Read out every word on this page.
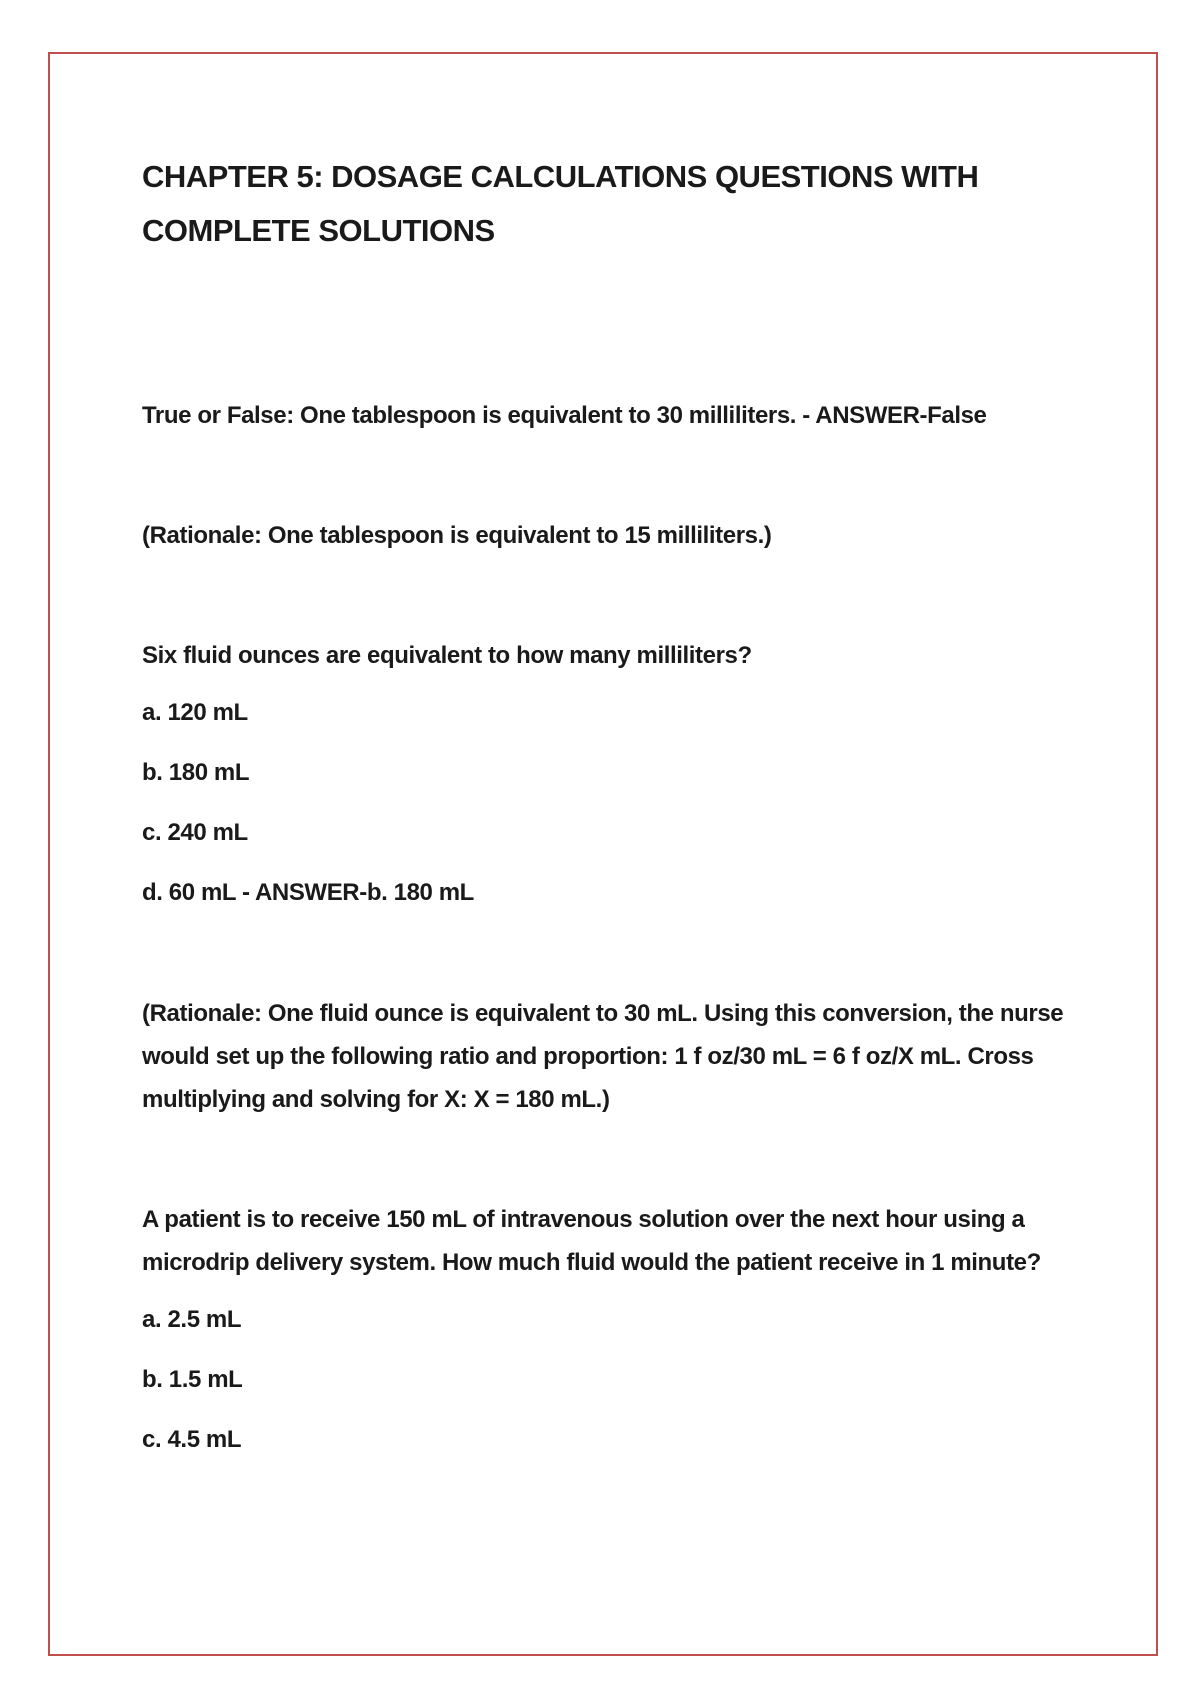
CHAPTER 5: DOSAGE CALCULATIONS QUESTIONS WITH COMPLETE SOLUTIONS

True or False: One tablespoon is equivalent to 30 milliliters. - ANSWER-False

(Rationale: One tablespoon is equivalent to 15 milliliters.)

Six fluid ounces are equivalent to how many milliliters?

a. 120 mL
b. 180 mL
c. 240 mL
d. 60 mL - ANSWER-b. 180 mL

(Rationale: One fluid ounce is equivalent to 30 mL. Using this conversion, the nurse would set up the following ratio and proportion: 1 f oz/30 mL = 6 f oz/X mL. Cross multiplying and solving for X: X = 180 mL.)

A patient is to receive 150 mL of intravenous solution over the next hour using a microdrip delivery system. How much fluid would the patient receive in 1 minute?

a. 2.5 mL
b. 1.5 mL
c. 4.5 mL
